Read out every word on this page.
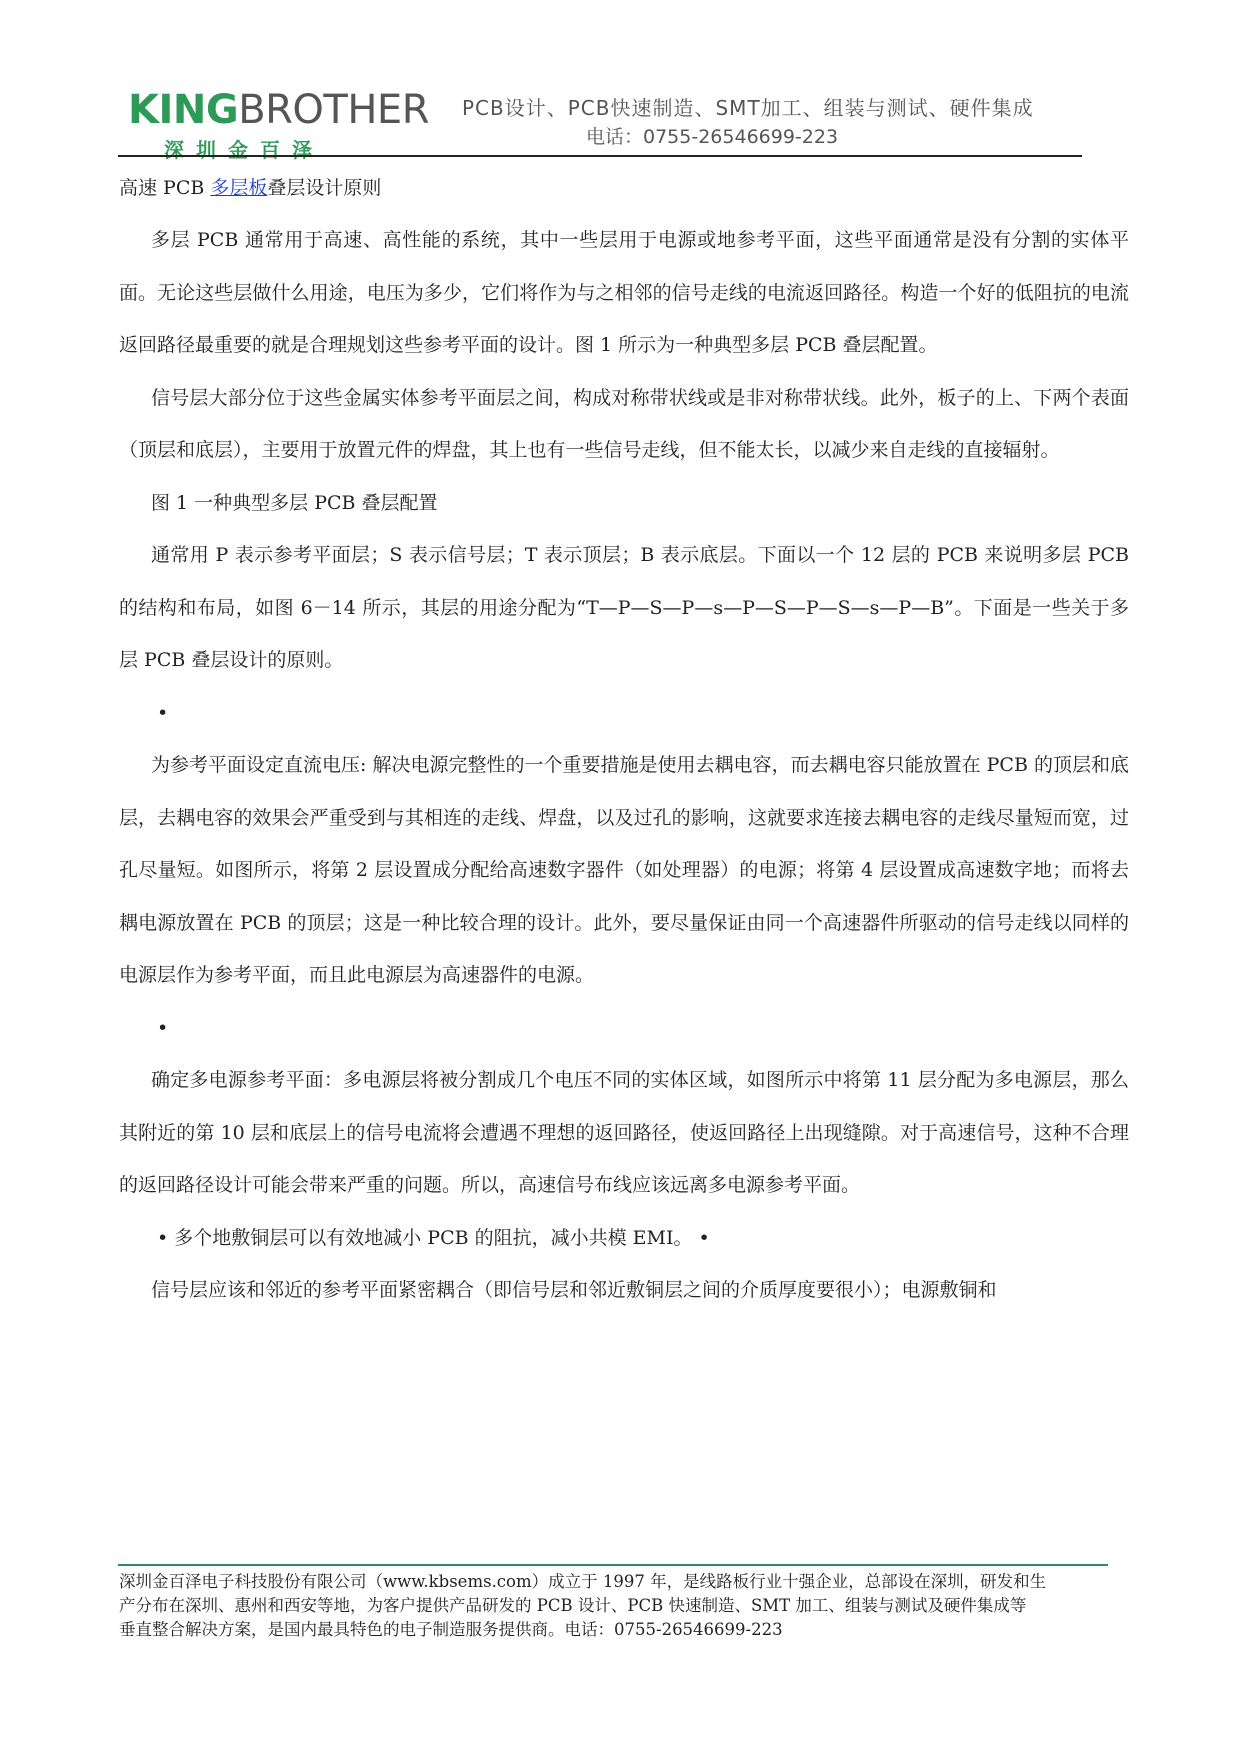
KINGBROTHER
深圳金百泽
PCB设计、PCB快速制造、SMT加工、组装与测试、硬件集成
电话：0755-26546699-223
高速 PCB 多层板叠层设计原则

多层 PCB 通常用于高速、高性能的系统，其中一些层用于电源或地参考平面，这些平面通常是没有分割的实体平面。无论这些层做什么用途，电压为多少，它们将作为与之相邻的信号走线的电流返回路径。构造一个好的低阻抗的电流返回路径最重要的就是合理规划这些参考平面的设计。图 1 所示为一种典型多层 PCB 叠层配置。

信号层大部分位于这些金属实体参考平面层之间，构成对称带状线或是非对称带状线。此外，板子的上、下两个表面（顶层和底层），主要用于放置元件的焊盘，其上也有一些信号走线，但不能太长，以减少来自走线的直接辐射。

图 1 一种典型多层 PCB 叠层配置

通常用 P 表示参考平面层；S 表示信号层；T 表示顶层；B 表示底层。下面以一个 12 层的 PCB 来说明多层 PCB 的结构和布局，如图 6－14 所示，其层的用途分配为“T—P—S—P—s—P—S—P—S—s—P—B”。下面是一些关于多层 PCB 叠层设计的原则。

•

为参考平面设定直流电压: 解决电源完整性的一个重要措施是使用去耦电容，而去耦电容只能放置在 PCB 的顶层和底层，去耦电容的效果会严重受到与其相连的走线、焊盘，以及过孔的影响，这就要求连接去耦电容的走线尽量短而宽，过孔尽量短。如图所示，将第 2 层设置成分配给高速数字器件（如处理器）的电源；将第 4 层设置成高速数字地；而将去耦电源放置在 PCB 的顶层；这是一种比较合理的设计。此外，要尽量保证由同一个高速器件所驱动的信号走线以同样的电源层作为参考平面，而且此电源层为高速器件的电源。

•

确定多电源参考平面：多电源层将被分割成几个电压不同的实体区域，如图所示中将第 11 层分配为多电源层，那么其附近的第 10 层和底层上的信号电流将会遭遇不理想的返回路径，使返回路径上出现缝隙。对于高速信号，这种不合理的返回路径设计可能会带来严重的问题。所以，高速信号布线应该远离多电源参考平面。

• 多个地敷铜层可以有效地减小 PCB 的阻抗，减小共模 EMI。 •

信号层应该和邻近的参考平面紧密耦合（即信号层和邻近敷铜层之间的介质厚度要很小）；电源敷铜和

深圳金百泽电子科技股份有限公司（www.kbsems.com）成立于 1997 年，是线路板行业十强企业，总部设在深圳，研发和生
产分布在深圳、惠州和西安等地，为客户提供产品研发的 PCB 设计、PCB 快速制造、SMT 加工、组装与测试及硬件集成等
垂直整合解决方案，是国内最具特色的电子制造服务提供商。电话：0755-26546699-223
